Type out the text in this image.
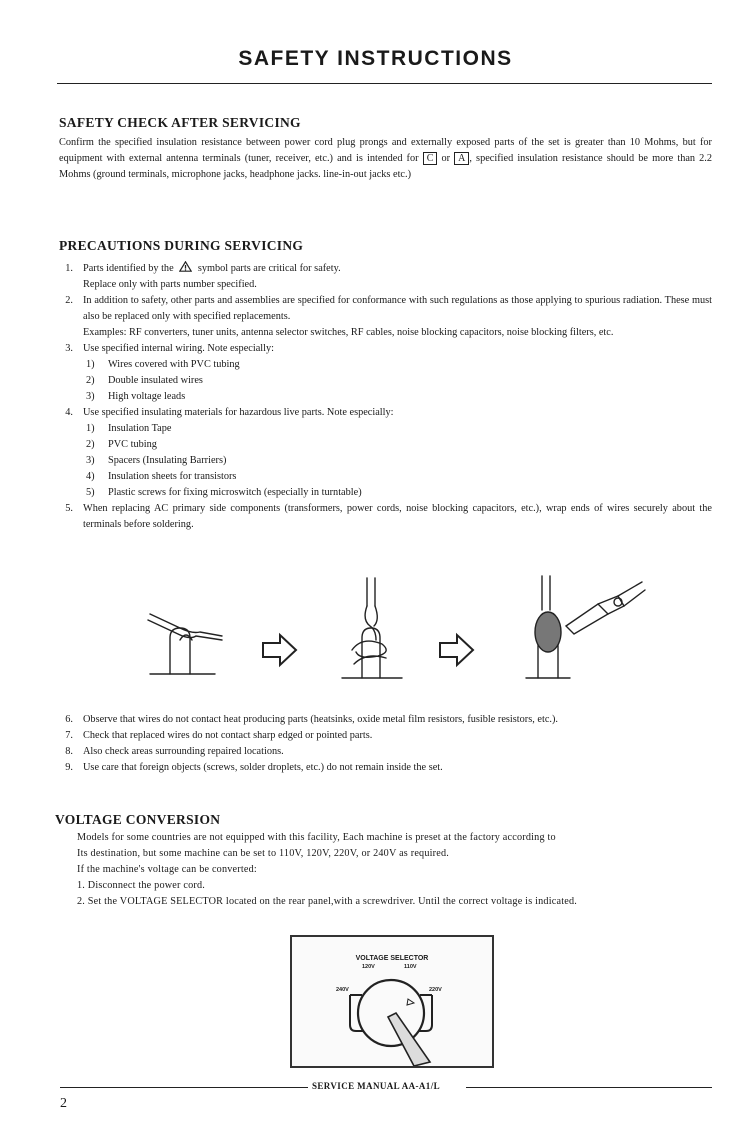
SAFETY INSTRUCTIONS
SAFETY CHECK AFTER SERVICING
Confirm the specified insulation resistance between power cord plug prongs and externally exposed parts of the set is greater than 10 Mohms, but for equipment with external antenna terminals (tuner, receiver, etc.) and is intended for C or A , specified insulation resistance should be more than 2.2 Mohms (ground terminals, microphone jacks, headphone jacks. line-in-out jacks etc.)
PRECAUTIONS DURING SERVICING
1. Parts identified by the symbol parts are critical for safety.
Replace only with parts number specified.
2. In addition to safety, other parts and assemblies are specified for conformance with such regulations as those applying to spurious radiation. These must also be replaced only with specified replacements.
Examples: RF converters, tuner units, antenna selector switches, RF cables, noise blocking capacitors, noise blocking filters, etc.
3. Use specified internal wiring. Note especially:
1) Wires covered with PVC tubing
2) Double insulated wires
3) High voltage leads
4. Use specified insulating materials for hazardous live parts. Note especially:
1) Insulation Tape
2) PVC tubing
3) Spacers (Insulating Barriers)
4) Insulation sheets for transistors
5) Plastic screws for fixing microswitch (especially in turntable)
5. When replacing AC primary side components (transformers, power cords, noise blocking capacitors, etc.), wrap ends of wires securely about the terminals before soldering.
6. Observe that wires do not contact heat producing parts (heatsinks, oxide metal film resistors, fusible resistors, etc.).
7. Check that replaced wires do not contact sharp edged or pointed parts.
8. Also check areas surrounding repaired locations.
9. Use care that foreign objects (screws, solder droplets, etc.) do not remain inside the set.
VOLTAGE CONVERSION
Models for some countries are not equipped with this facility, Each machine is preset at the factory according to
Its destination, but some machine can be set to 110V, 120V, 220V, or 240V as required.
If the machine's voltage can be converted:
1. Disconnect the power cord.
2. Set the VOLTAGE SELECTOR located on the rear panel,with a screwdriver. Until the correct voltage is indicated.
VOLTAGE SELECTOR
120V	110V
240V	220V
SERVICE MANUAL AA-A1/L
2
